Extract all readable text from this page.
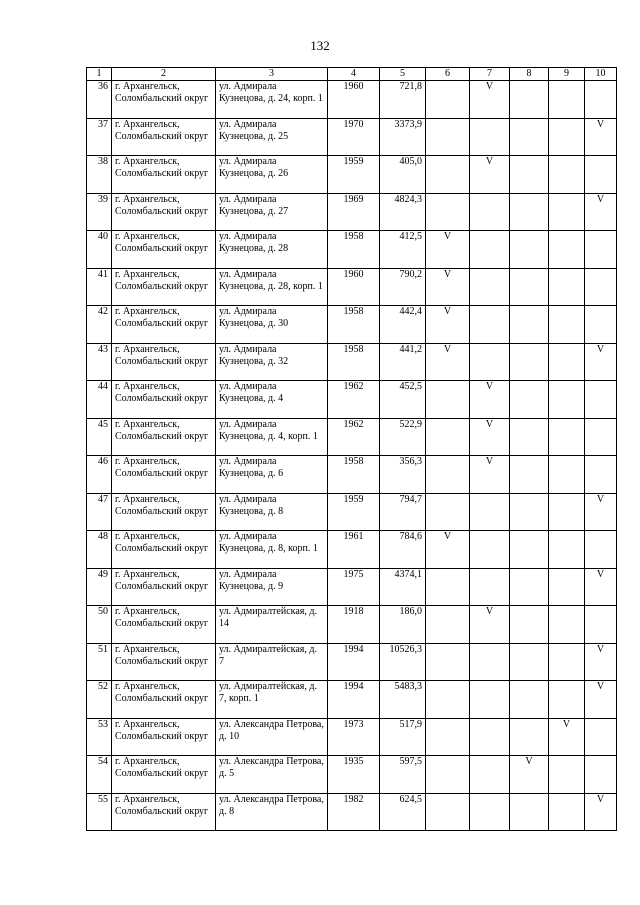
132
1	2	3	4	5	6	7	8	9	10
36	г. Архангельск, Соломбальский округ	ул. Адмирала Кузнецова, д. 24, корп. 1	1960	721,8		V			
37	г. Архангельск, Соломбальский округ	ул. Адмирала Кузнецова, д. 25	1970	3373,9					V
38	г. Архангельск, Соломбальский округ	ул. Адмирала Кузнецова, д. 26	1959	405,0		V			
39	г. Архангельск, Соломбальский округ	ул. Адмирала Кузнецова, д. 27	1969	4824,3					V
40	г. Архангельск, Соломбальский округ	ул. Адмирала Кузнецова, д. 28	1958	412,5	V				
41	г. Архангельск, Соломбальский округ	ул. Адмирала Кузнецова, д. 28, корп. 1	1960	790,2	V				
42	г. Архангельск, Соломбальский округ	ул. Адмирала Кузнецова, д. 30	1958	442,4	V				
43	г. Архангельск, Соломбальский округ	ул. Адмирала Кузнецова, д. 32	1958	441,2	V				V
44	г. Архангельск, Соломбальский округ	ул. Адмирала Кузнецова, д. 4	1962	452,5		V			
45	г. Архангельск, Соломбальский округ	ул. Адмирала Кузнецова, д. 4, корп. 1	1962	522,9		V			
46	г. Архангельск, Соломбальский округ	ул. Адмирала Кузнецова, д. 6	1958	356,3		V			
47	г. Архангельск, Соломбальский округ	ул. Адмирала Кузнецова, д. 8	1959	794,7					V
48	г. Архангельск, Соломбальский округ	ул. Адмирала Кузнецова, д. 8, корп. 1	1961	784,6	V				
49	г. Архангельск, Соломбальский округ	ул. Адмирала Кузнецова, д. 9	1975	4374,1					V
50	г. Архангельск, Соломбальский округ	ул. Адмиралтейская, д. 14	1918	186,0		V			
51	г. Архангельск, Соломбальский округ	ул. Адмиралтейская, д. 7	1994	10526,3					V
52	г. Архангельск, Соломбальский округ	ул. Адмиралтейская, д. 7, корп. 1	1994	5483,3					V
53	г. Архангельск, Соломбальский округ	ул. Александра Петрова, д. 10	1973	517,9				V	
54	г. Архангельск, Соломбальский округ	ул. Александра Петрова, д. 5	1935	597,5			V		
55	г. Архангельск, Соломбальский округ	ул. Александра Петрова, д. 8	1982	624,5					V
